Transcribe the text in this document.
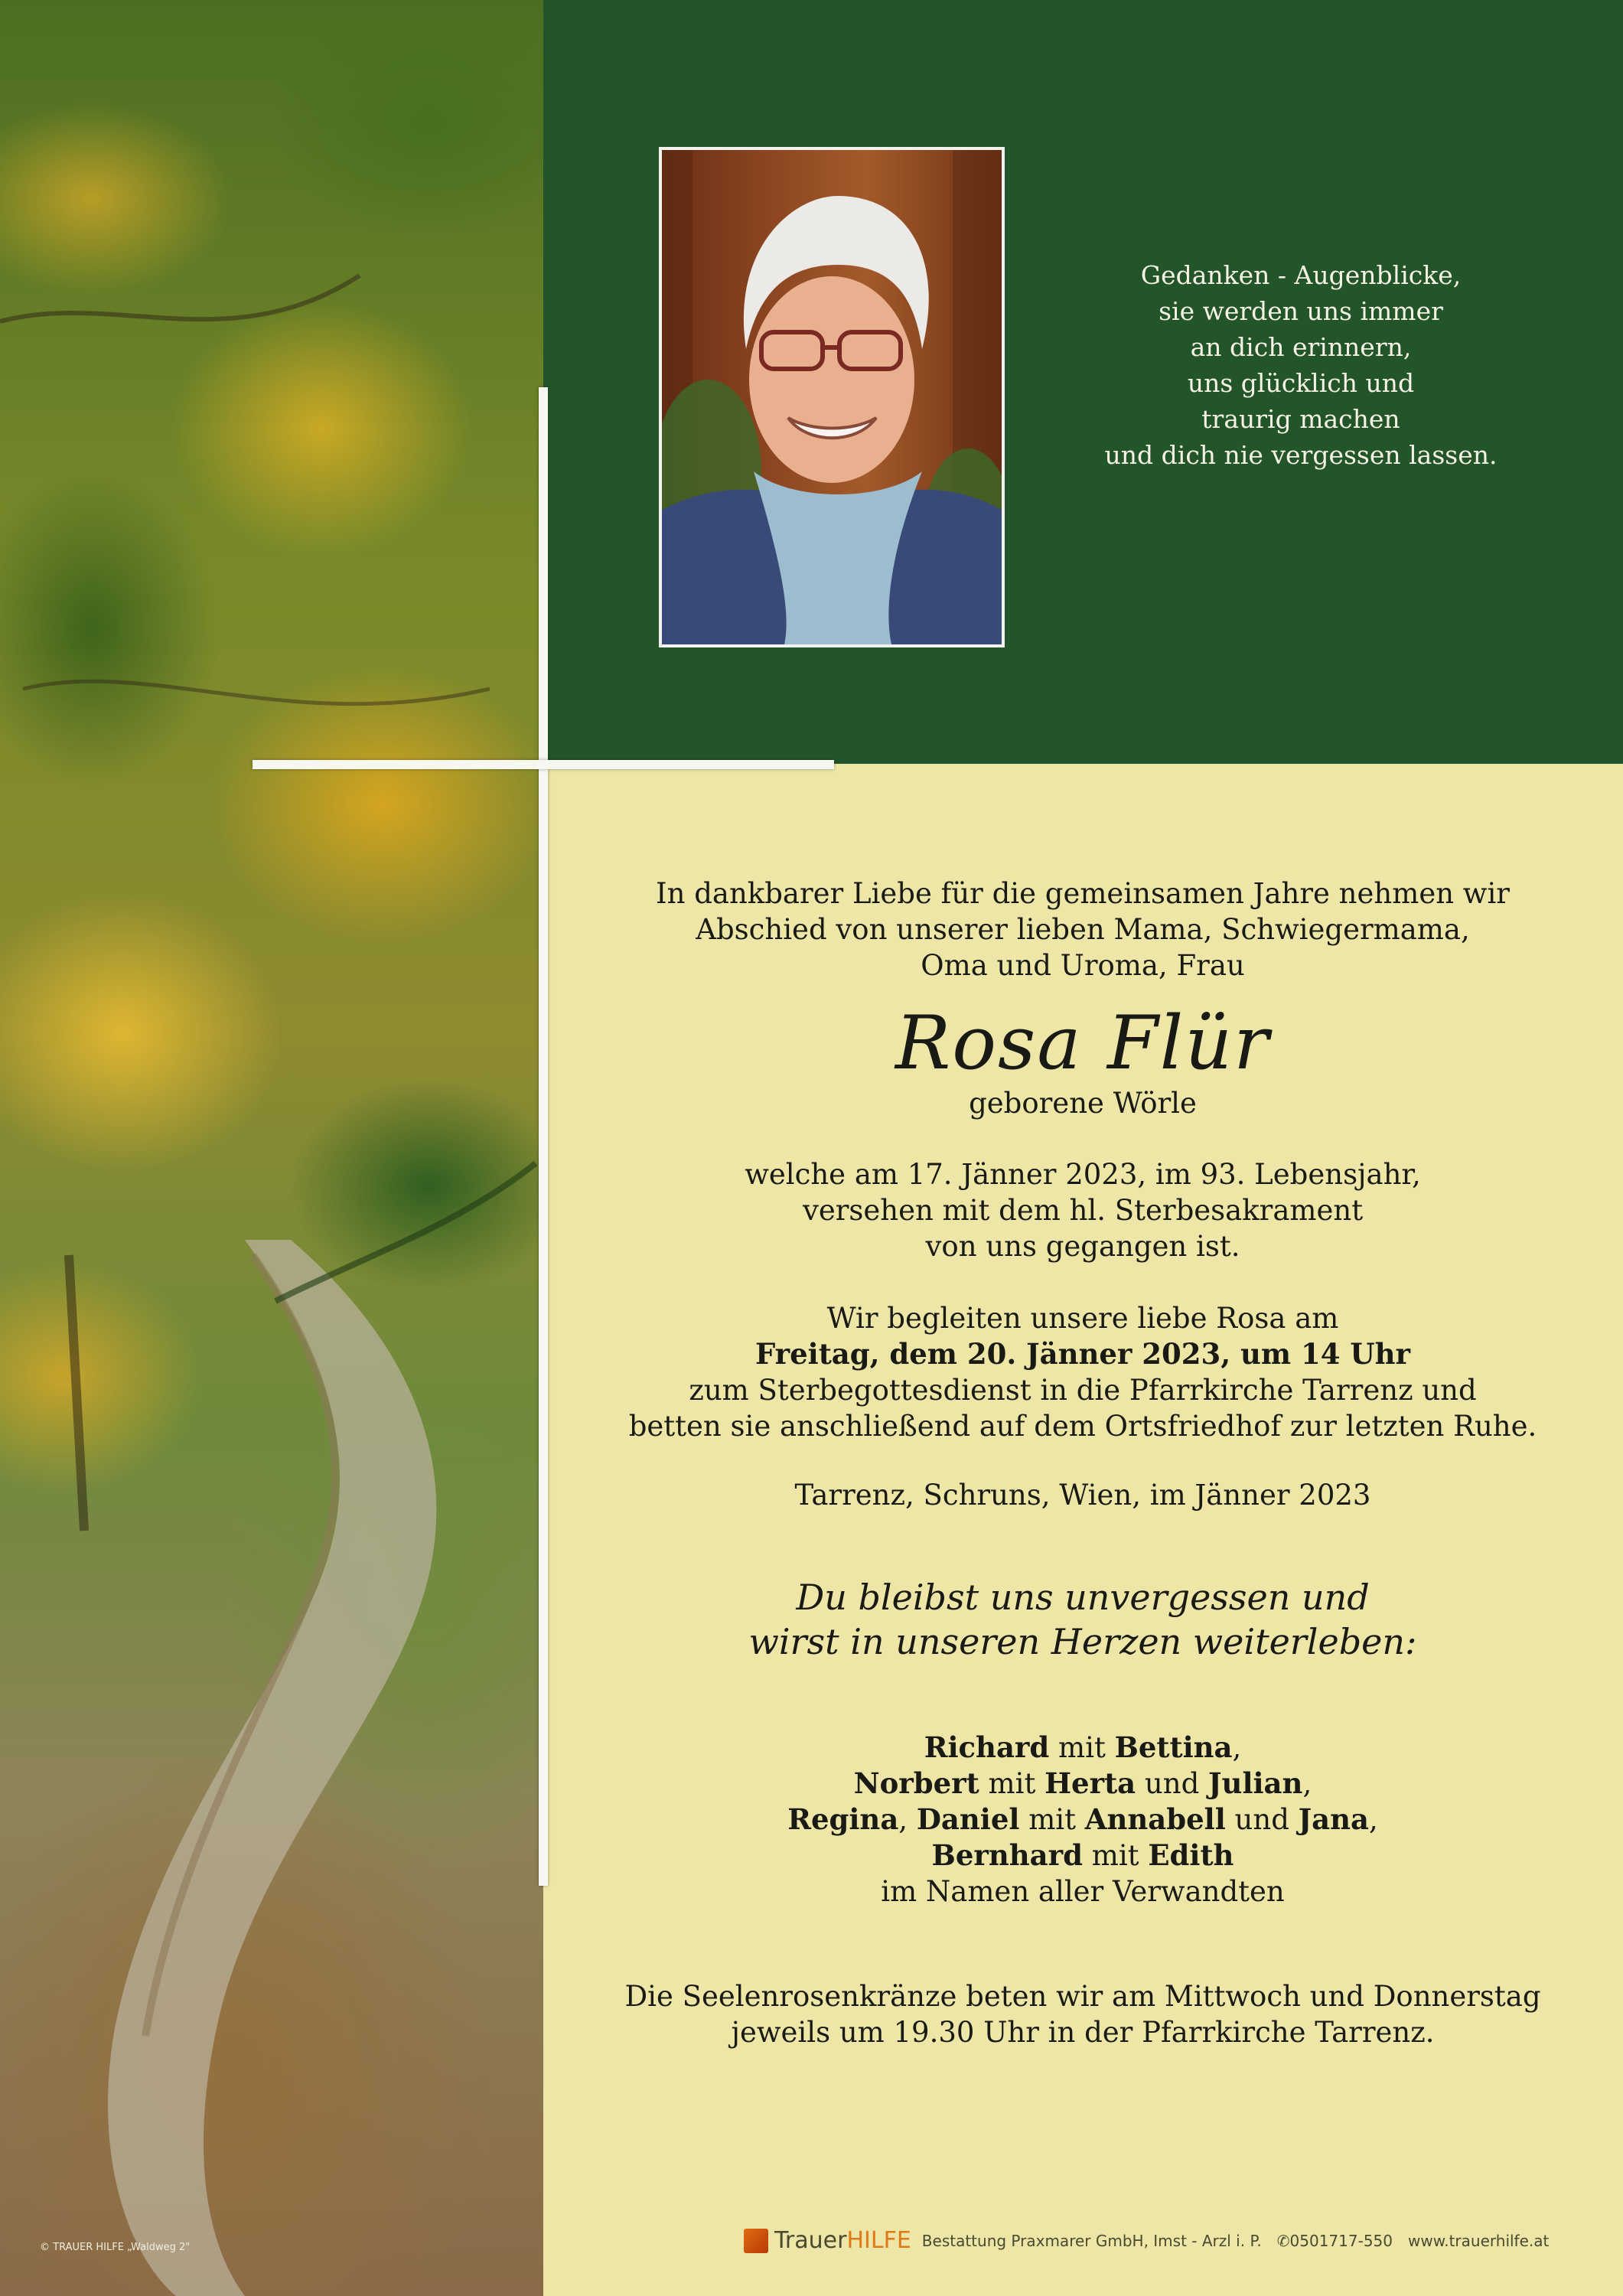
© TRAUER HILFE „Waldweg 2"
Gedanken - Augenblicke,
sie werden uns immer
an dich erinnern,
uns glücklich und
traurig machen
und dich nie vergessen lassen.
In dankbarer Liebe für die gemeinsamen Jahre nehmen wir
Abschied von unserer lieben Mama, Schwiegermama,
Oma und Uroma, Frau
Rosa Flür
geborene Wörle
welche am 17. Jänner 2023, im 93. Lebensjahr,
versehen mit dem hl. Sterbesakrament
von uns gegangen ist.
Wir begleiten unsere liebe Rosa am
Freitag, dem 20. Jänner 2023, um 14 Uhr
zum Sterbegottesdienst in die Pfarrkirche Tarrenz und
betten sie anschließend auf dem Ortsfriedhof zur letzten Ruhe.
Tarrenz, Schruns, Wien, im Jänner 2023
Du bleibst uns unvergessen und
wirst in unseren Herzen weiterleben:
Richard mit Bettina,
Norbert mit Herta und Julian,
Regina, Daniel mit Annabell und Jana,
Bernhard mit Edith
im Namen aller Verwandten
Die Seelenrosenkränze beten wir am Mittwoch und Donnerstag
jeweils um 19.30 Uhr in der Pfarrkirche Tarrenz.
Trauer HILFE Bestattung Praxmarer GmbH, Imst - Arzl i. P. ✆0501717-550 www.trauerhilfe.at
